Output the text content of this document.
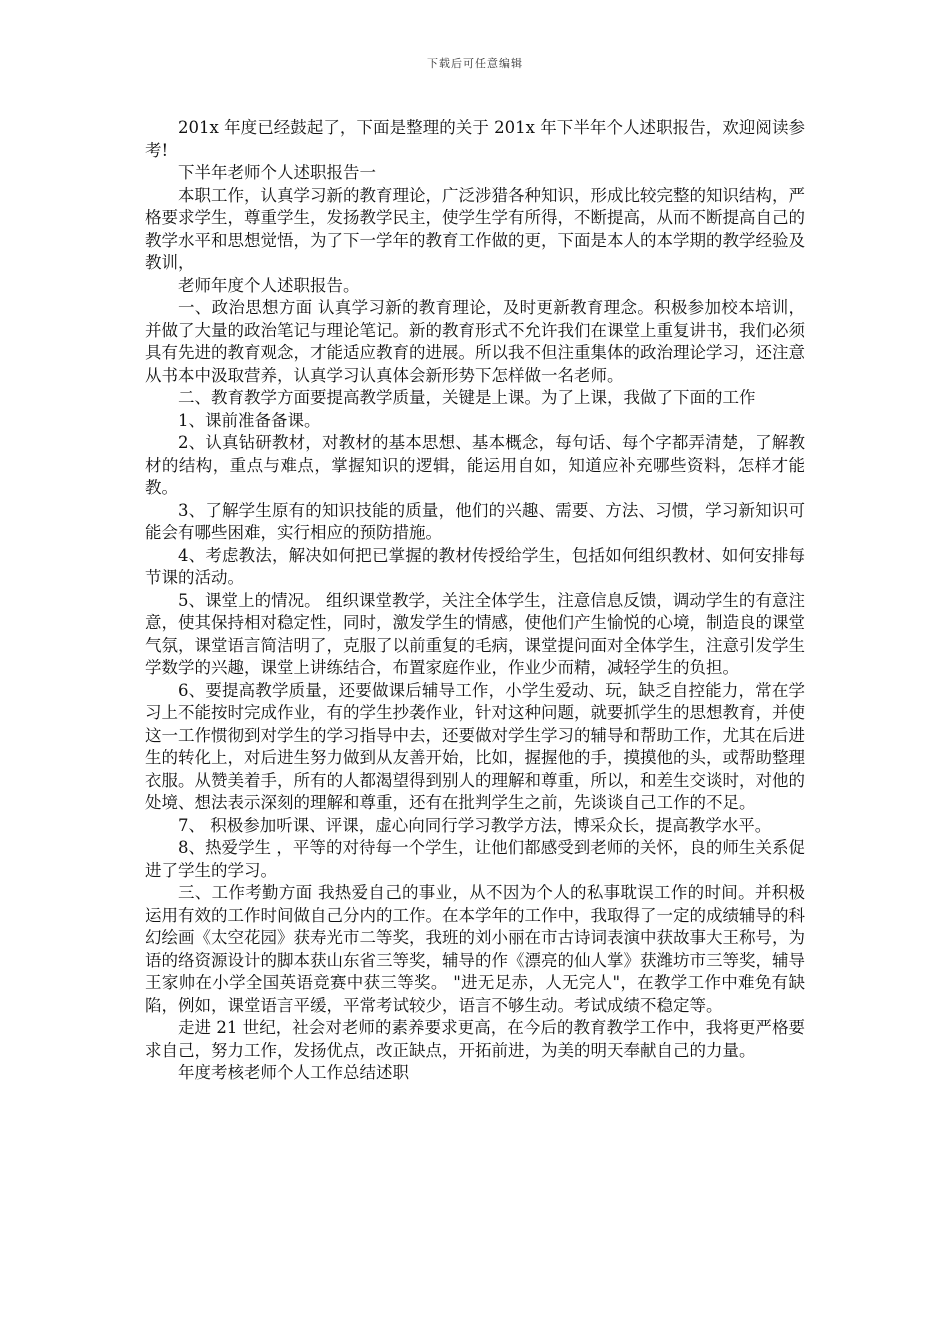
下载后可任意编辑

201x 年度已经鼓起了，下面是整理的关于 201x 年下半年个人述职报告，欢迎阅读参考!

下半年老师个人述职报告一

本职工作，认真学习新的教育理论，广泛涉猎各种知识，形成比较完整的知识结构，严格要求学生，尊重学生，发扬教学民主，使学生学有所得，不断提高，从而不断提高自己的教学水平和思想觉悟，为了下一学年的教育工作做的更，下面是本人的本学期的教学经验及教训，

老师年度个人述职报告。

一、政治思想方面 认真学习新的教育理论，及时更新教育理念。积极参加校本培训，并做了大量的政治笔记与理论笔记。新的教育形式不允许我们在课堂上重复讲书，我们必须具有先进的教育观念，才能适应教育的进展。所以我不但注重集体的政治理论学习，还注意从书本中汲取营养，认真学习认真体会新形势下怎样做一名老师。

二、教育教学方面要提高教学质量，关键是上课。为了上课，我做了下面的工作

1、课前准备备课。

2、认真钻研教材，对教材的基本思想、基本概念，每句话、每个字都弄清楚，了解教材的结构，重点与难点，掌握知识的逻辑，能运用自如，知道应补充哪些资料，怎样才能教。

3、了解学生原有的知识技能的质量，他们的兴趣、需要、方法、习惯，学习新知识可能会有哪些困难，实行相应的预防措施。

4、考虑教法，解决如何把已掌握的教材传授给学生，包括如何组织教材、如何安排每节课的活动。

5、课堂上的情况。 组织课堂教学，关注全体学生，注意信息反馈，调动学生的有意注意，使其保持相对稳定性，同时，激发学生的情感，使他们产生愉悦的心境，制造良的课堂气氛，课堂语言简洁明了，克服了以前重复的毛病，课堂提问面对全体学生，注意引发学生学数学的兴趣，课堂上讲练结合，布置家庭作业，作业少而精，减轻学生的负担。

6、要提高教学质量，还要做课后辅导工作，小学生爱动、玩，缺乏自控能力，常在学习上不能按时完成作业，有的学生抄袭作业，针对这种问题，就要抓学生的思想教育，并使这一工作惯彻到对学生的学习指导中去，还要做对学生学习的辅导和帮助工作，尤其在后进生的转化上，对后进生努力做到从友善开始，比如，握握他的手，摸摸他的头，或帮助整理衣服。从赞美着手，所有的人都渴望得到别人的理解和尊重，所以，和差生交谈时，对他的处境、想法表示深刻的理解和尊重，还有在批判学生之前，先谈谈自己工作的不足。

7、 积极参加听课、评课，虚心向同行学习教学方法，博采众长，提高教学水平。

8、热爱学生 ，平等的对待每一个学生，让他们都感受到老师的关怀，良的师生关系促进了学生的学习。

三、工作考勤方面 我热爱自己的事业，从不因为个人的私事耽误工作的时间。并积极运用有效的工作时间做自己分内的工作。在本学年的工作中，我取得了一定的成绩辅导的科幻绘画《太空花园》获寿光市二等奖，我班的刘小丽在市古诗词表演中获故事大王称号，为语的络资源设计的脚本获山东省三等奖，辅导的作《漂亮的仙人掌》获潍坊市三等奖，辅导王家帅在小学全国英语竞赛中获三等奖。 "进无足赤，人无完人"，在教学工作中难免有缺陷，例如，课堂语言平缓，平常考试较少，语言不够生动。考试成绩不稳定等。

走进 21 世纪，社会对老师的素养要求更高，在今后的教育教学工作中，我将更严格要求自己，努力工作，发扬优点，改正缺点，开拓前进，为美的明天奉献自己的力量。

年度考核老师个人工作总结述职
